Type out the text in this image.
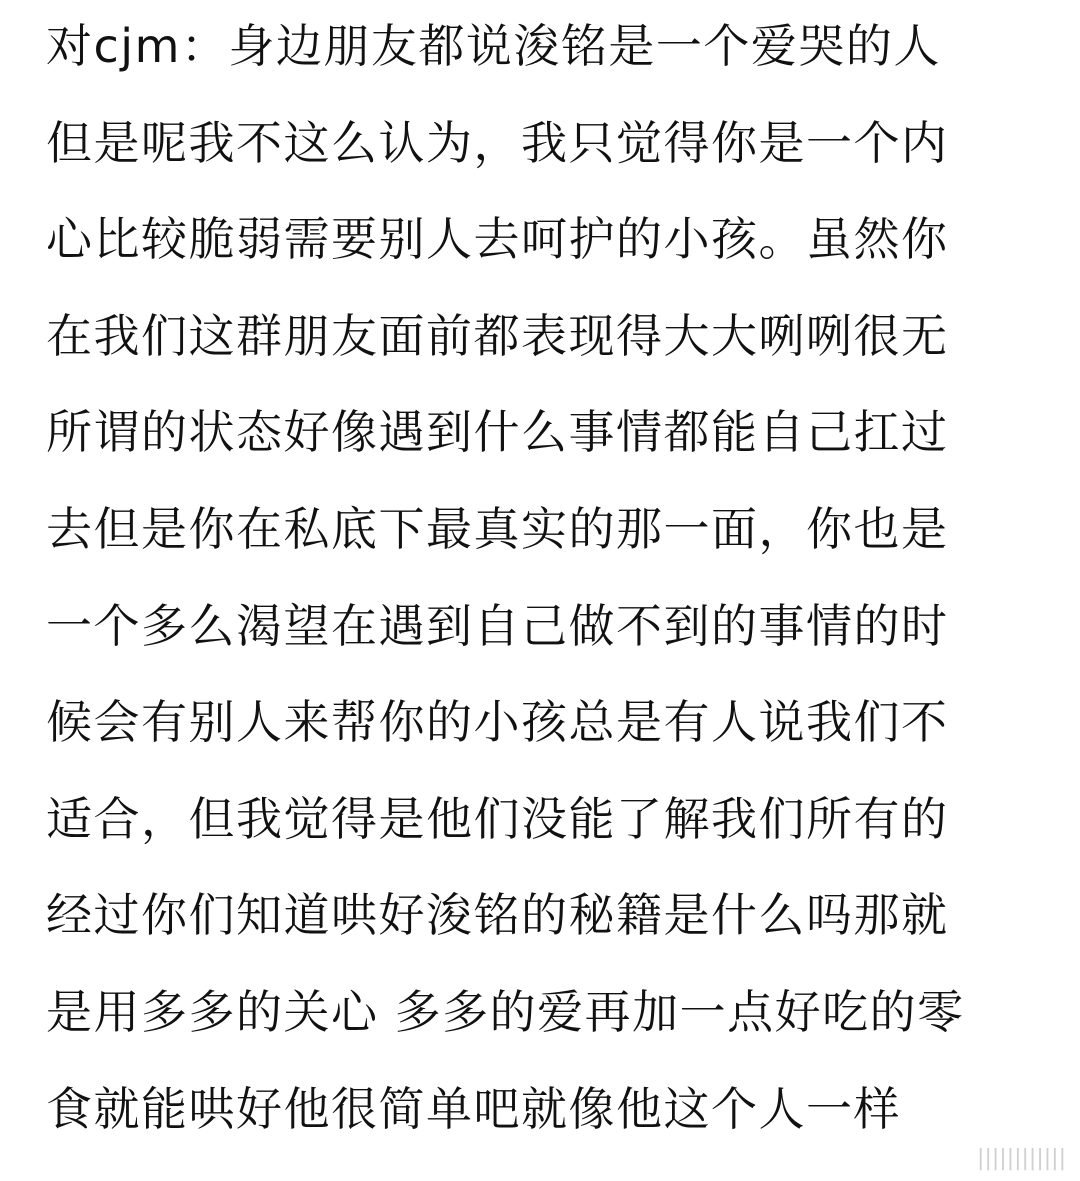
对cjm：身边朋友都说浚铭是一个爱哭的人
但是呢我不这么认为，我只觉得你是一个内
心比较脆弱需要别人去呵护的小孩。虽然你
在我们这群朋友面前都表现得大大咧咧很无
所谓的状态好像遇到什么事情都能自己扛过
去但是你在私底下最真实的那一面，你也是
一个多么渴望在遇到自己做不到的事情的时
候会有别人来帮你的小孩总是有人说我们不
适合，但我觉得是他们没能了解我们所有的
经过你们知道哄好浚铭的秘籍是什么吗那就
是用多多的关心 多多的爱再加一点好吃的零
食就能哄好他很简单吧就像他这个人一样
||||||||||||
